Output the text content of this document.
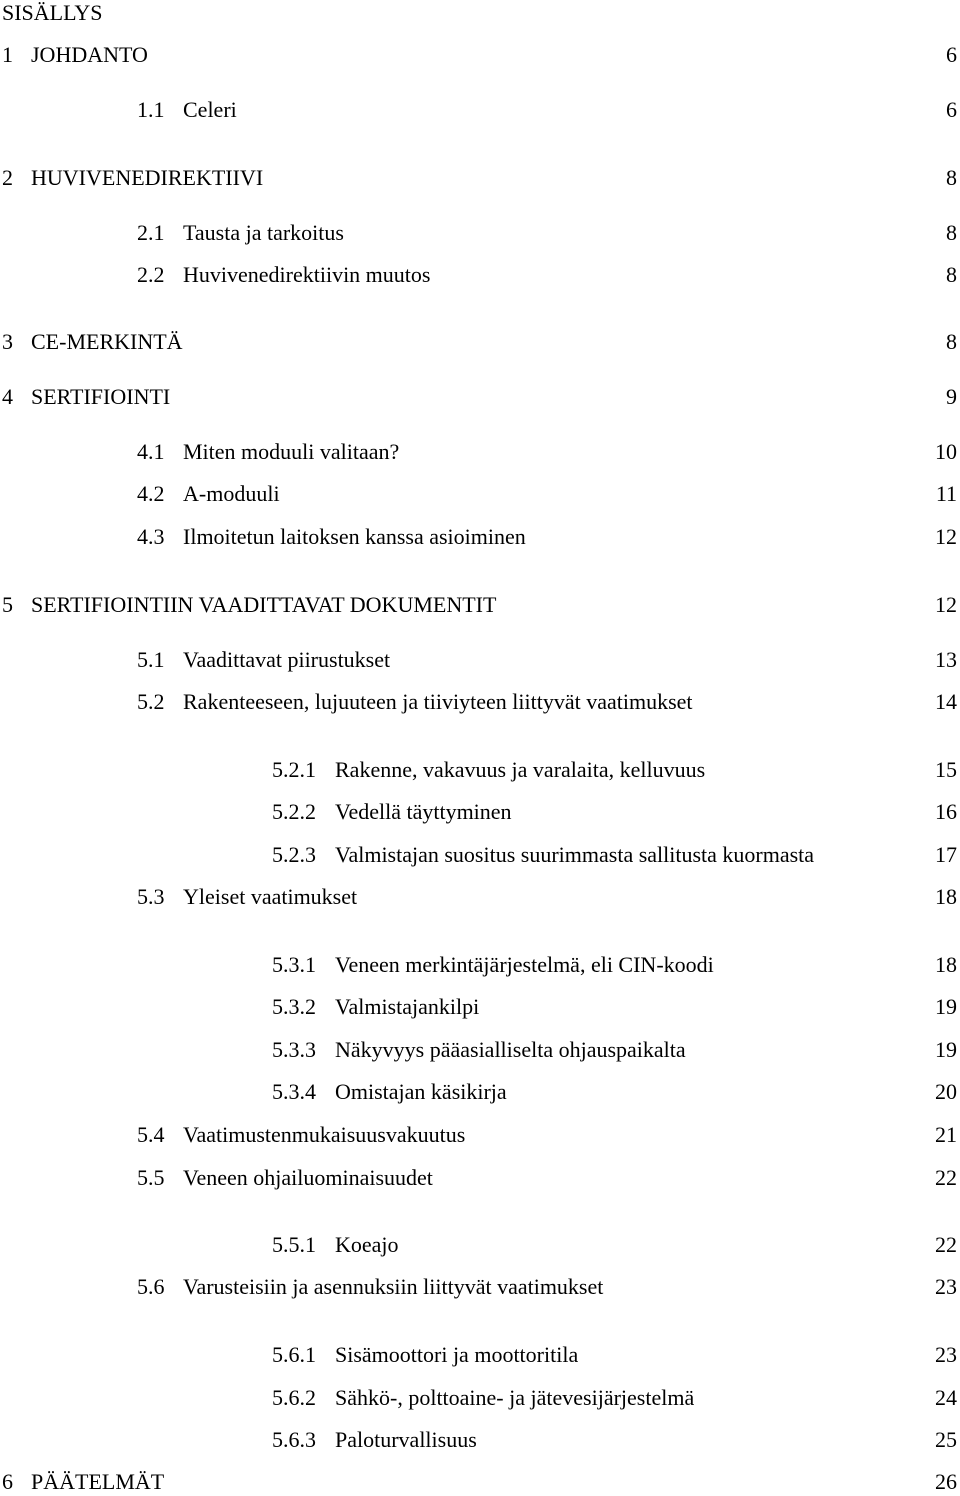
SISÄLLYS
1 JOHDANTO	6
1.1 Celeri	6
2 HUVIVENEDIREKTIIVI	8
2.1 Tausta ja tarkoitus	8
2.2 Huvivenedirektiivin muutos	8
3 CE-MERKINTÄ	8
4 SERTIFIOINTI	9
4.1 Miten moduuli valitaan?	10
4.2 A-moduuli	11
4.3 Ilmoitetun laitoksen kanssa asioiminen	12
5 SERTIFIOINTIIN VAADITTAVAT DOKUMENTIT	12
5.1 Vaadittavat piirustukset	13
5.2 Rakenteeseen, lujuuteen ja tiiviyteen liittyvät vaatimukset	14
5.2.1 Rakenne, vakavuus ja varalaita, kelluvuus	15
5.2.2 Vedellä täyttyminen	16
5.2.3 Valmistajan suositus suurimmasta sallitusta kuormasta	17
5.3 Yleiset vaatimukset	18
5.3.1 Veneen merkintäjärjestelmä, eli CIN-koodi	18
5.3.2 Valmistajankilpi	19
5.3.3 Näkyvyys pääasialliselta ohjauspaikalta	19
5.3.4 Omistajan käsikirja	20
5.4 Vaatimustenmukaisuusvakuutus	21
5.5 Veneen ohjailuominaisuudet	22
5.5.1 Koeajo	22
5.6 Varusteisiin ja asennuksiin liittyvät vaatimukset	23
5.6.1 Sisämoottori ja moottoritila	23
5.6.2 Sähkö-, polttoaine- ja jätevesijärjestelmä	24
5.6.3 Paloturvallisuus	25
6 PÄÄTELMÄT	26
